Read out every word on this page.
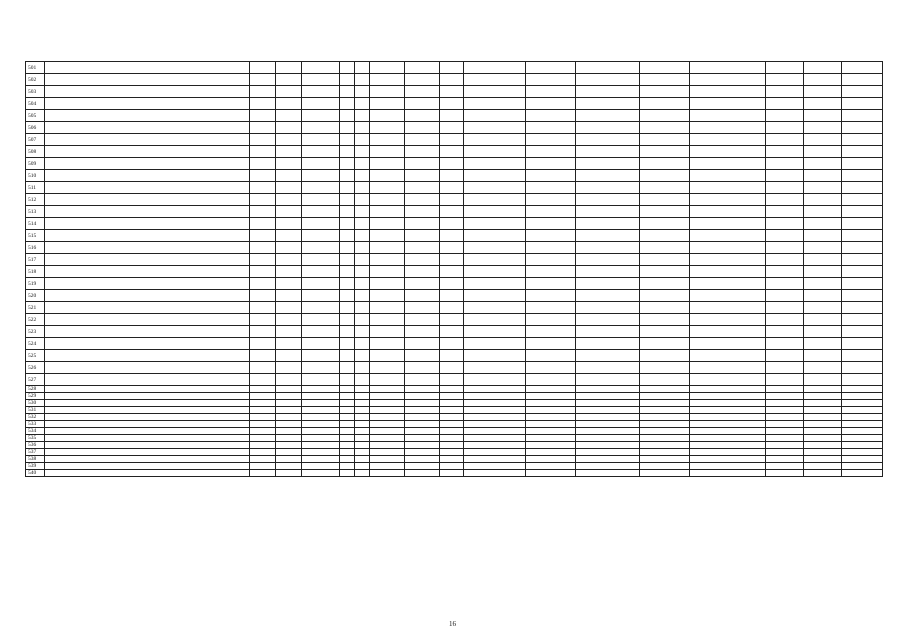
501																	
502																	
503																	
504																	
505																	
506																	
507																	
508																	
509																	
510																	
511																	
512																	
513																	
514																	
515																	
516																	
517																	
518																	
519																	
520																	
521																	
522																	
523																	
524																	
525																	
526																	
527																	
528																	
529																	
530																	
531																	
532																	
533																	
534																	
535																	
536																	
537																	
538																	
539																	
540																	
16
